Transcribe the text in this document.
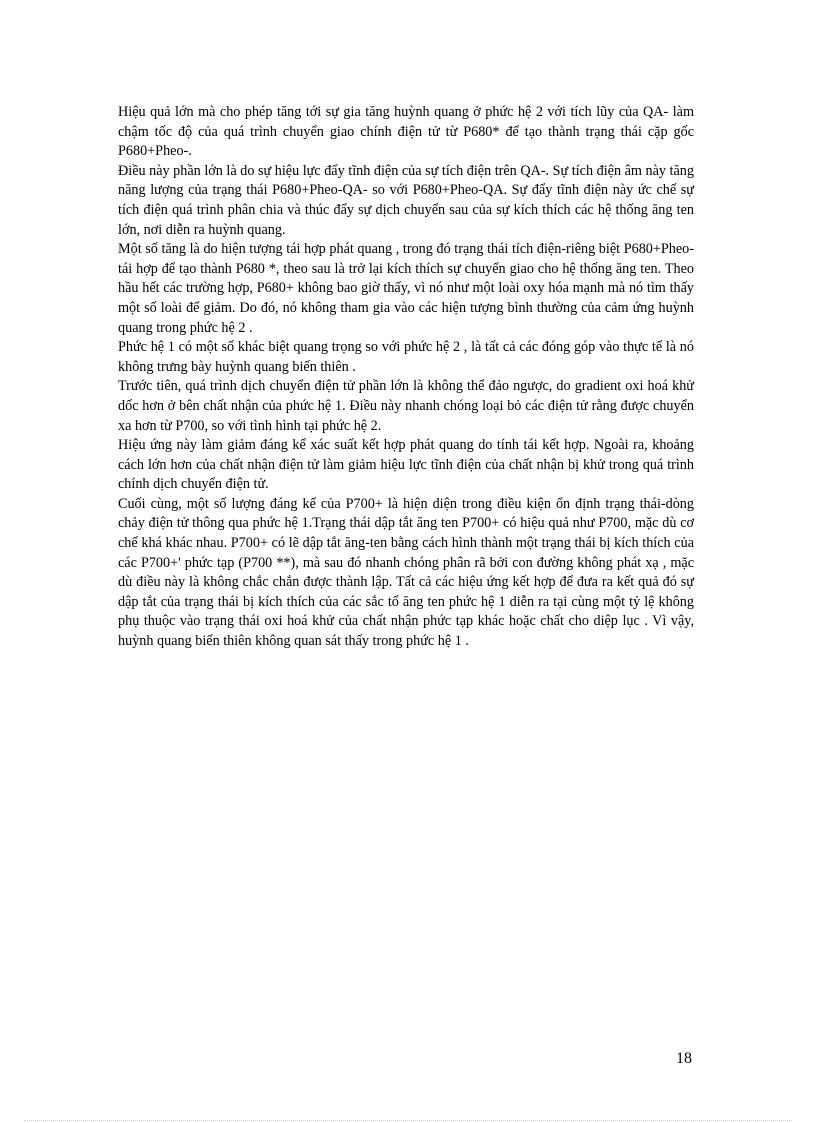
Hiệu quả lớn mà cho phép tăng tới sự gia tăng huỳnh quang ở phức hệ 2 với tích lũy của QA- làm chậm tốc độ của quá trình chuyển giao chính điện tử từ P680* để tạo thành trạng thái cặp gốc P680+Pheo-.

Điều này phần lớn là do sự hiệu lực đẩy tĩnh điện của sự tích điện trên QA-. Sự tích điện âm này tăng năng lượng của trạng thái P680+Pheo-QA- so với P680+Pheo-QA. Sự đẩy tĩnh điện này ức chế sự tích điện quá trình phân chia và thúc đẩy sự dịch chuyển sau của sự kích thích các hệ thống ăng ten lớn, nơi diễn ra huỳnh quang.

Một số tăng là do hiện tượng tái hợp phát quang , trong đó trạng thái tích điện-riêng biệt P680+Pheo- tái hợp để tạo thành P680 *, theo sau là trở lại kích thích sự chuyển giao cho hệ thống ăng ten. Theo hầu hết các trường hợp, P680+ không bao giờ thấy, vì nó như một loài oxy hóa mạnh mà nó tìm thấy một số loài để giảm. Do đó, nó không tham gia vào các hiện tượng bình thường của cảm ứng huỳnh quang trong phức hệ 2 .

Phức hệ 1 có một số khác biệt quang trọng so với phức hệ 2 , là tất cả các đóng góp vào thực tế là nó không trưng bày huỳnh quang biến thiên .

Trước tiên, quá trình dịch chuyển điện tử phần lớn là không thể đảo ngược, do gradient oxi hoá khử dốc hơn ở bên chất nhận của phức hệ 1. Điều này nhanh chóng loại bỏ các điện tử rằng được chuyển xa hơn từ P700, so với tình hình tại phức hệ 2.

Hiệu ứng này làm giảm đáng kể xác suất kết hợp phát quang do tính tái kết hợp. Ngoài ra, khoảng cách lớn hơn của chất nhận điện tử làm giảm hiệu lực tĩnh điện của chất nhận bị khử trong quá trình chính dịch chuyển điện tử.

Cuối cùng, một số lượng đáng kể của P700+ là hiện diện trong điều kiện ổn định trạng thái-dòng chảy điện tử thông qua phức hệ 1.Trạng thái dập tắt ăng ten P700+ có hiệu quả như P700, mặc dù cơ chế khá khác nhau. P700+ có lẽ dập tắt ăng-ten bằng cách hình thành một trạng thái bị kích thích của các P700+' phức tạp (P700 **), mà sau đó nhanh chóng phân rã bởi con đường không phát xạ , mặc dù điều này là không chắc chắn được thành lập. Tất cả các hiệu ứng kết hợp để đưa ra kết quả đó sự dập tắt của trạng thái bị kích thích của các sắc tố ăng ten phức hệ 1 diễn ra tại cùng một tỷ lệ không phụ thuộc vào trạng thái oxi hoá khử của chất nhận phức tạp khác hoặc chất cho diệp lục . Vì vậy, huỳnh quang biến thiên không quan sát thấy trong phức hệ 1 .

18
